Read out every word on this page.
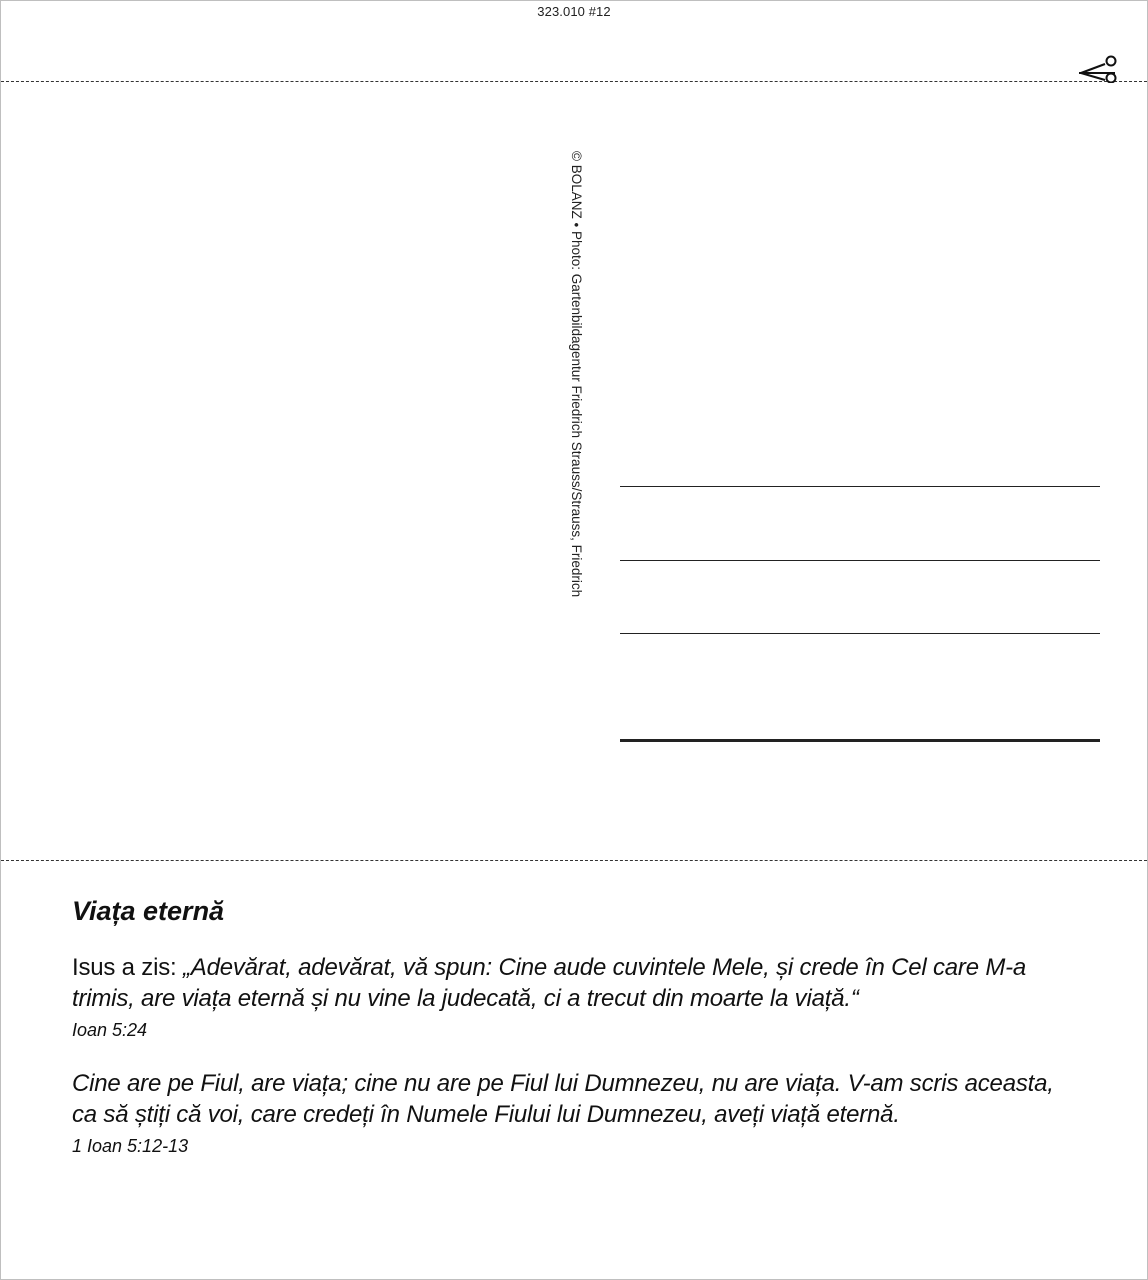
323.010 #12
© BOLANZ • Photo: Gartenbildagentur Friedrich Strauss/Strauss, Friedrich
Viața eternă

Isus a zis: „Adevărat, adevărat, vă spun: Cine aude cuvintele Mele, și crede în Cel care M-a trimis, are viața eternă și nu vine la judecată, ci a trecut din moarte la viață.“

Ioan 5:24

Cine are pe Fiul, are viața; cine nu are pe Fiul lui Dumnezeu, nu are viața. V-am scris aceasta, ca să știți că voi, care credeți în Numele Fiului lui Dumnezeu, aveți viață eternă.

1 Ioan 5:12-13
